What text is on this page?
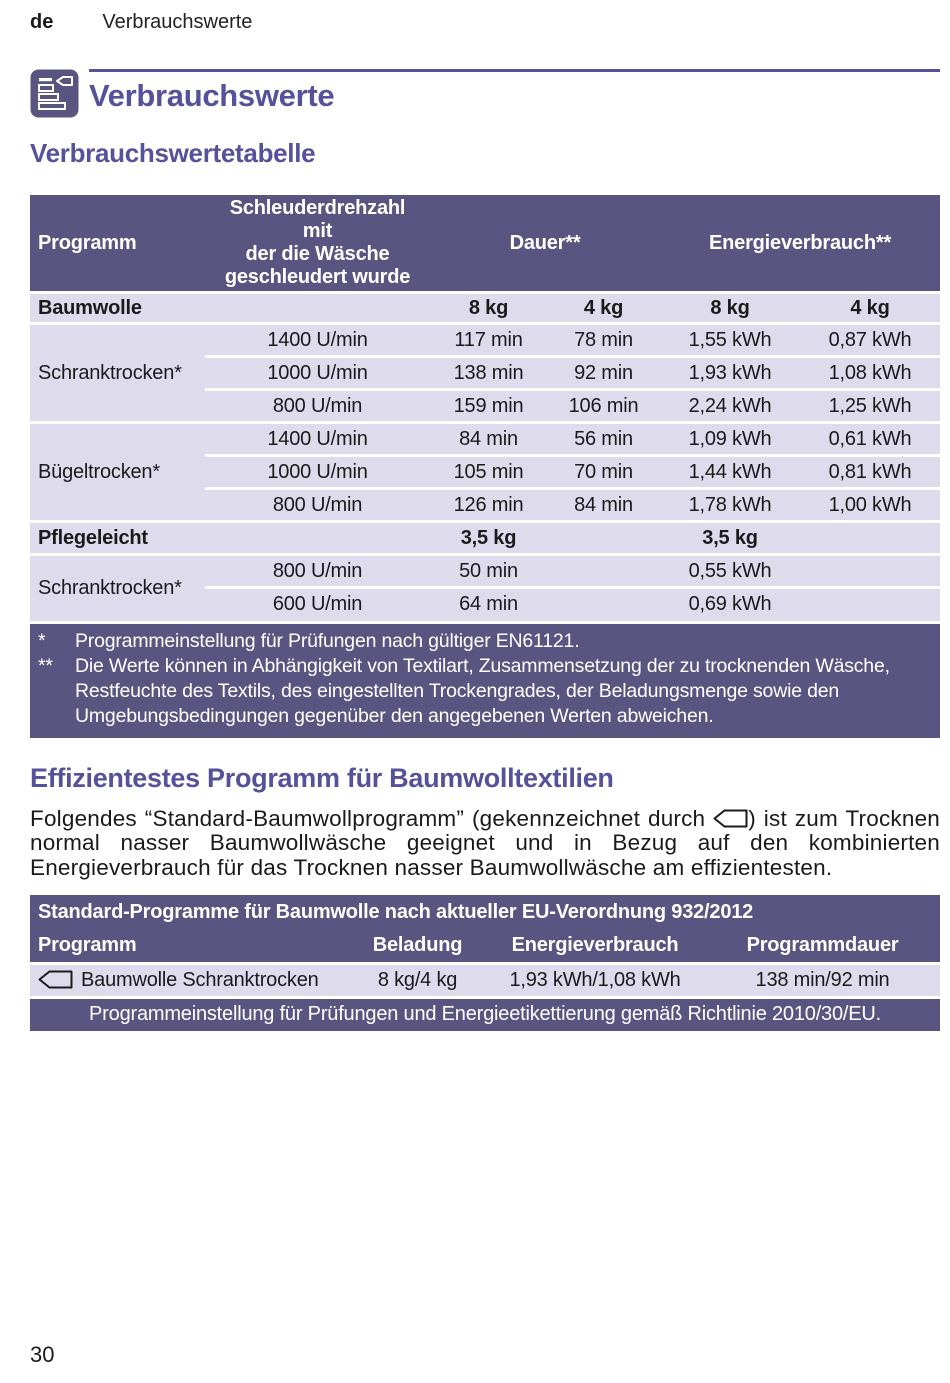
de Verbrauchswerte
Verbrauchswerte
Verbrauchswertetabelle
Programm	Schleuderdrehzahl mit
der die Wäsche
geschleudert wurde	Dauer**		Energieverbrauch**	
Baumwolle		8 kg	4 kg	8 kg	4 kg
Schranktrocken*	1400 U/min	117 min	78 min	1,55 kWh	0,87 kWh
	1000 U/min	138 min	92 min	1,93 kWh	1,08 kWh
	800 U/min	159 min	106 min	2,24 kWh	1,25 kWh
Bügeltrocken*	1400 U/min	84 min	56 min	1,09 kWh	0,61 kWh
	1000 U/min	105 min	70 min	1,44 kWh	0,81 kWh
	800 U/min	126 min	84 min	1,78 kWh	1,00 kWh
Pflegeleicht		3,5 kg		3,5 kg	
Schranktrocken*	800 U/min	50 min		0,55 kWh	
	600 U/min	64 min		0,69 kWh	
*	Programmeinstellung für Prüfungen nach gültiger EN61121.
**	Die Werte können in Abhängigkeit von Textilart, Zusammensetzung der zu trocknenden Wäsche, Restfeuchte des Textils, des eingestellten Trockengrades, der Beladungsmenge sowie den Umgebungsbedingungen gegenüber den angegebenen Werten abweichen.
Effizientestes Programm für Baumwolltextilien

Folgendes “Standard-Baumwollprogramm” (gekennzeichnet durch ) ist zum Trocknen normal nasser Baumwollwäsche geeignet und in Bezug auf den kombinierten Energieverbrauch für das Trocknen nasser Baumwollwäsche am effizientesten.

Standard-Programme für Baumwolle nach aktueller EU-Verordnung 932/2012			
Programm	Beladung	Energieverbrauch	Programmdauer
Baumwolle Schranktrocken	8 kg/4 kg	1,93 kWh/1,08 kWh	138 min/92 min
Programmeinstellung für Prüfungen und Energieetikettierung gemäß Richtlinie 2010/30/EU.			
30
